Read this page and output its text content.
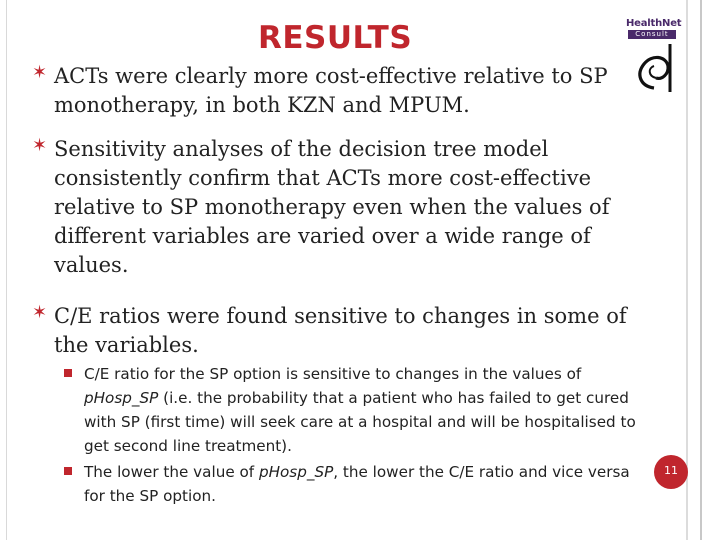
RESULTS	HealthNet
Consult
✶ ACTs were clearly more cost-effective relative to SP
monotherapy, in both KZN and MPUM.
✶ Sensitivity analyses of the decision tree model
consistently confirm that ACTs more cost-effective
relative to SP monotherapy even when the values of
different variables are varied over a wide range of
values.
✶ C/E ratios were found sensitive to changes in some of
the variables.
C/E ratio for the SP option is sensitive to changes in the values of
pHosp_SP (i.e. the probability that a patient who has failed to get cured with SP (first time) will seek care at a hospital and will be hospitalised to get second line treatment).
The lower the value of pHosp_SP, the lower the C/E ratio and vice versa for the SP option.
11
